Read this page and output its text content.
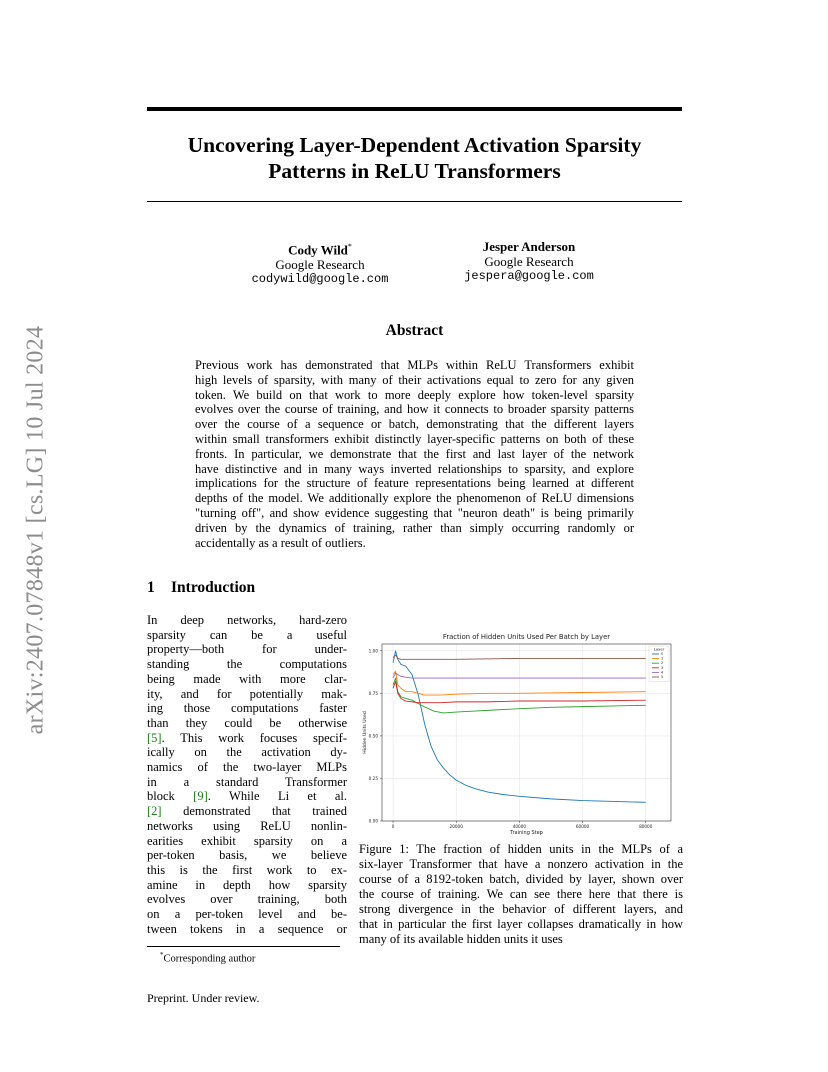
arXiv:2407.07848v1 [cs.LG] 10 Jul 2024
Uncovering Layer-Dependent Activation Sparsity
Patterns in ReLU Transformers
Cody Wild*
Google Research
codywild@google.com
Jesper Anderson
Google Research
jespera@google.com
Abstract
Previous work has demonstrated that MLPs within ReLU Transformers exhibit
high levels of sparsity, with many of their activations equal to zero for any given
token. We build on that work to more deeply explore how token-level sparsity
evolves over the course of training, and how it connects to broader sparsity patterns
over the course of a sequence or batch, demonstrating that the different layers
within small transformers exhibit distinctly layer-specific patterns on both of these
fronts. In particular, we demonstrate that the first and last layer of the network
have distinctive and in many ways inverted relationships to sparsity, and explore
implications for the structure of feature representations being learned at different
depths of the model. We additionally explore the phenomenon of ReLU dimensions
"turning off", and show evidence suggesting that "neuron death" is being primarily
driven by the dynamics of training, rather than simply occurring randomly or
accidentally as a result of outliers.
1 Introduction
In deep networks, hard-zero
sparsity can be a useful
property—both for under-
standing the computations
being made with more clar-
ity, and for potentially mak-
ing those computations faster
than they could be otherwise
[5]. This work focuses specif-
ically on the activation dy-
namics of the two-layer MLPs
in a standard Transformer
block [9]. While Li et al.
[2] demonstrated that trained
networks using ReLU nonlin-
earities exhibit sparsity on a
per-token basis, we believe
this is the first work to ex-
amine in depth how sparsity
evolves over training, both
on a per-token level and be-
tween tokens in a sequence or
0.00
0.25
0.50
0.75
1.00
0	20000	40000	60000	80000
Fraction of Hidden Units Used Per Batch by Layer
Training Step
Hidden Units Used
Layer
0
1
2
3
4
5
Figure 1: The fraction of hidden units in the MLPs of a
six-layer Transformer that have a nonzero activation in the
course of a 8192-token batch, divided by layer, shown over
the course of training. We can see there here that there is
strong divergence in the behavior of different layers, and
that in particular the first layer collapses dramatically in how
many of its available hidden units it uses
*Corresponding author
Preprint. Under review.
